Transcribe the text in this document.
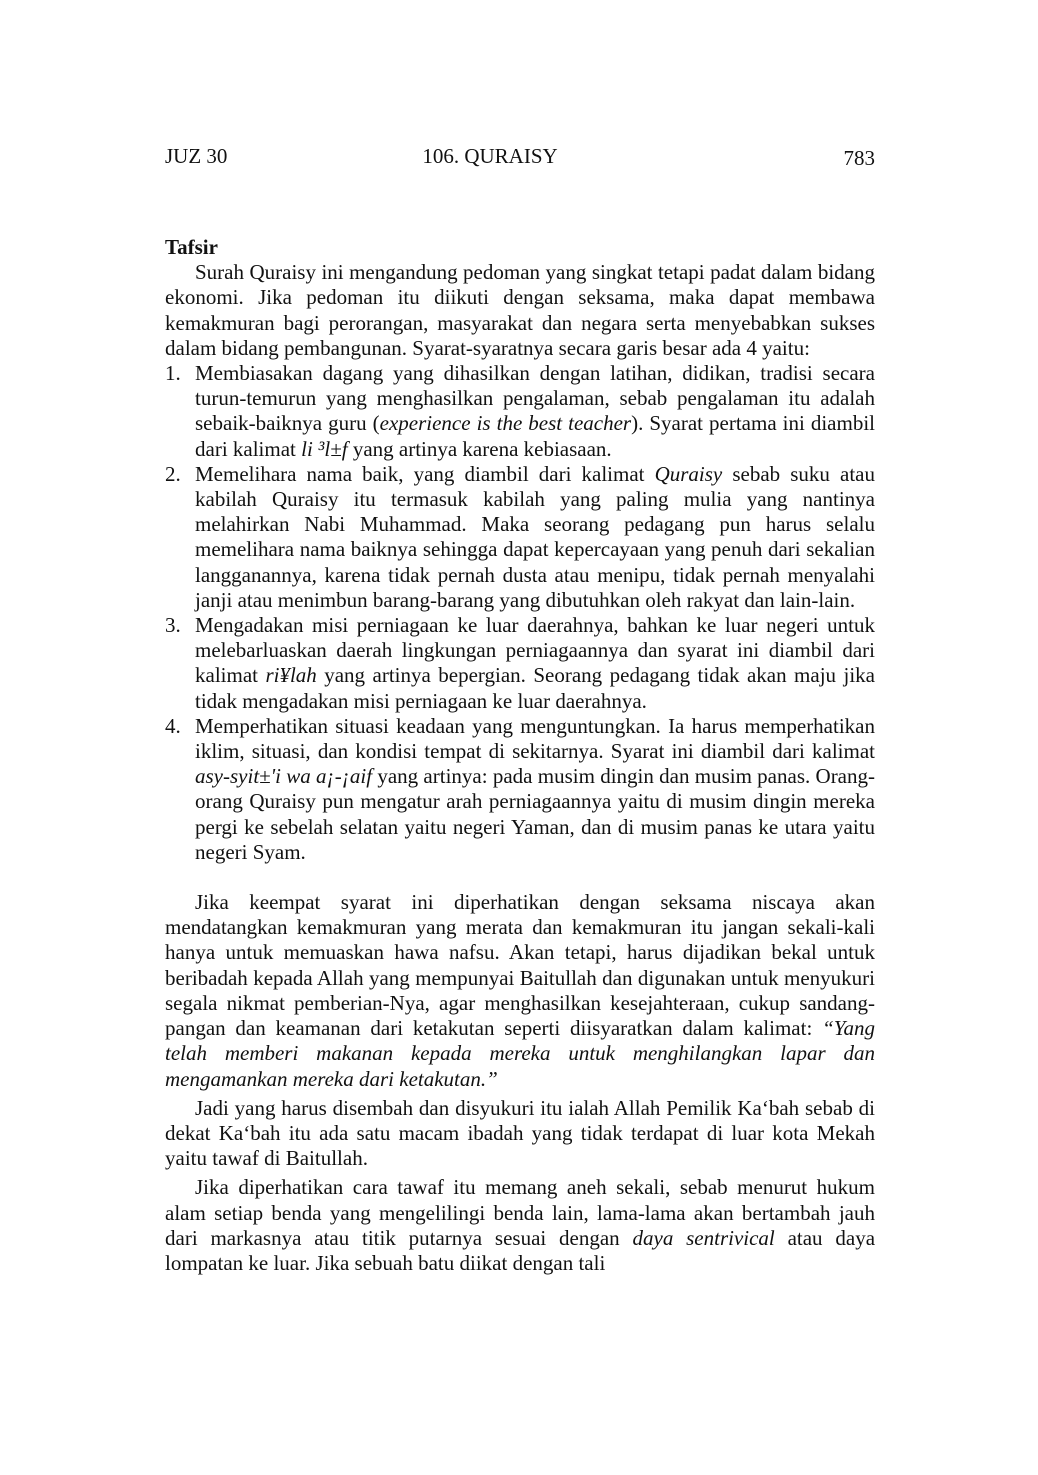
JUZ 30	106. QURAISY	783
Tafsir

Surah Quraisy ini mengandung pedoman yang singkat tetapi padat dalam bidang ekonomi. Jika pedoman itu diikuti dengan seksama, maka dapat membawa kemakmuran bagi perorangan, masyarakat dan negara serta menyebabkan sukses dalam bidang pembangunan. Syarat-syaratnya secara garis besar ada 4 yaitu:

1. Membiasakan dagang yang dihasilkan dengan latihan, didikan, tradisi secara turun-temurun yang menghasilkan pengalaman, sebab pengalaman itu adalah sebaik-baiknya guru (experience is the best teacher). Syarat pertama ini diambil dari kalimat li ³l±f yang artinya karena kebiasaan.
2. Memelihara nama baik, yang diambil dari kalimat Quraisy sebab suku atau kabilah Quraisy itu termasuk kabilah yang paling mulia yang nantinya melahirkan Nabi Muhammad. Maka seorang pedagang pun harus selalu memelihara nama baiknya sehingga dapat kepercayaan yang penuh dari sekalian langganannya, karena tidak pernah dusta atau menipu, tidak pernah menyalahi janji atau menimbun barang-barang yang dibutuhkan oleh rakyat dan lain-lain.
3. Mengadakan misi perniagaan ke luar daerahnya, bahkan ke luar negeri untuk melebarluaskan daerah lingkungan perniagaannya dan syarat ini diambil dari kalimat ri¥lah yang artinya bepergian. Seorang pedagang tidak akan maju jika tidak mengadakan misi perniagaan ke luar daerahnya.
4. Memperhatikan situasi keadaan yang menguntungkan. Ia harus memperhatikan iklim, situasi, dan kondisi tempat di sekitarnya. Syarat ini diambil dari kalimat asy-syit±'i wa a¡-¡aif yang artinya: pada musim dingin dan musim panas. Orang-orang Quraisy pun mengatur arah perniagaannya yaitu di musim dingin mereka pergi ke sebelah selatan yaitu negeri Yaman, dan di musim panas ke utara yaitu negeri Syam.

Jika keempat syarat ini diperhatikan dengan seksama niscaya akan mendatangkan kemakmuran yang merata dan kemakmuran itu jangan sekali-kali hanya untuk memuaskan hawa nafsu. Akan tetapi, harus dijadikan bekal untuk beribadah kepada Allah yang mempunyai Baitullah dan digunakan untuk menyukuri segala nikmat pemberian-Nya, agar menghasilkan kesejahteraan, cukup sandang-pangan dan keamanan dari ketakutan seperti diisyaratkan dalam kalimat: “Yang telah memberi makanan kepada mereka untuk menghilangkan lapar dan mengamankan mereka dari ketakutan.”

Jadi yang harus disembah dan disyukuri itu ialah Allah Pemilik Ka‘bah sebab di dekat Ka‘bah itu ada satu macam ibadah yang tidak terdapat di luar kota Mekah yaitu tawaf di Baitullah.

Jika diperhatikan cara tawaf itu memang aneh sekali, sebab menurut hukum alam setiap benda yang mengelilingi benda lain, lama-lama akan bertambah jauh dari markasnya atau titik putarnya sesuai dengan daya sentrivical atau daya lompatan ke luar. Jika sebuah batu diikat dengan tali
